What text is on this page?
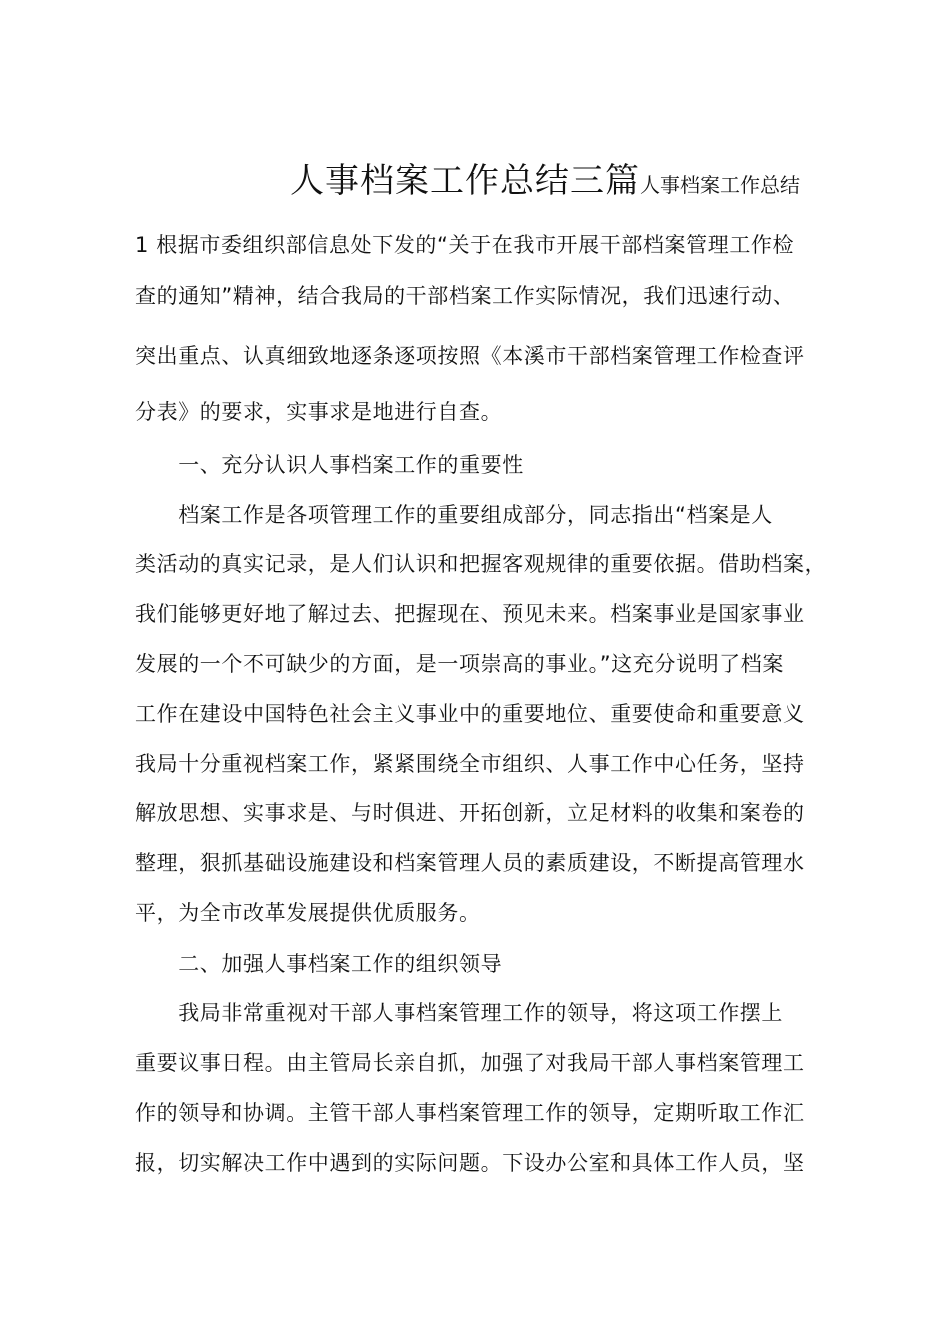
人事档案工作总结三篇人事档案工作总结
1 根据市委组织部信息处下发的“关于在我市开展干部档案管理工作检
查的通知”精神，结合我局的干部档案工作实际情况，我们迅速行动、
突出重点、认真细致地逐条逐项按照《本溪市干部档案管理工作检查评
分表》的要求，实事求是地进行自查。
　　一、充分认识人事档案工作的重要性
　　档案工作是各项管理工作的重要组成部分，同志指出“档案是人
类活动的真实记录，是人们认识和把握客观规律的重要依据。借助档案，
我们能够更好地了解过去、把握现在、预见未来。档案事业是国家事业
发展的一个不可缺少的方面，是一项崇高的事业。”这充分说明了档案
工作在建设中国特色社会主义事业中的重要地位、重要使命和重要意义
我局十分重视档案工作，紧紧围绕全市组织、人事工作中心任务，坚持
解放思想、实事求是、与时俱进、开拓创新，立足材料的收集和案卷的
整理，狠抓基础设施建设和档案管理人员的素质建设，不断提高管理水
平，为全市改革发展提供优质服务。
　　二、加强人事档案工作的组织领导
　　我局非常重视对干部人事档案管理工作的领导，将这项工作摆上
重要议事日程。由主管局长亲自抓，加强了对我局干部人事档案管理工
作的领导和协调。主管干部人事档案管理工作的领导，定期听取工作汇
报，切实解决工作中遇到的实际问题。下设办公室和具体工作人员，坚
